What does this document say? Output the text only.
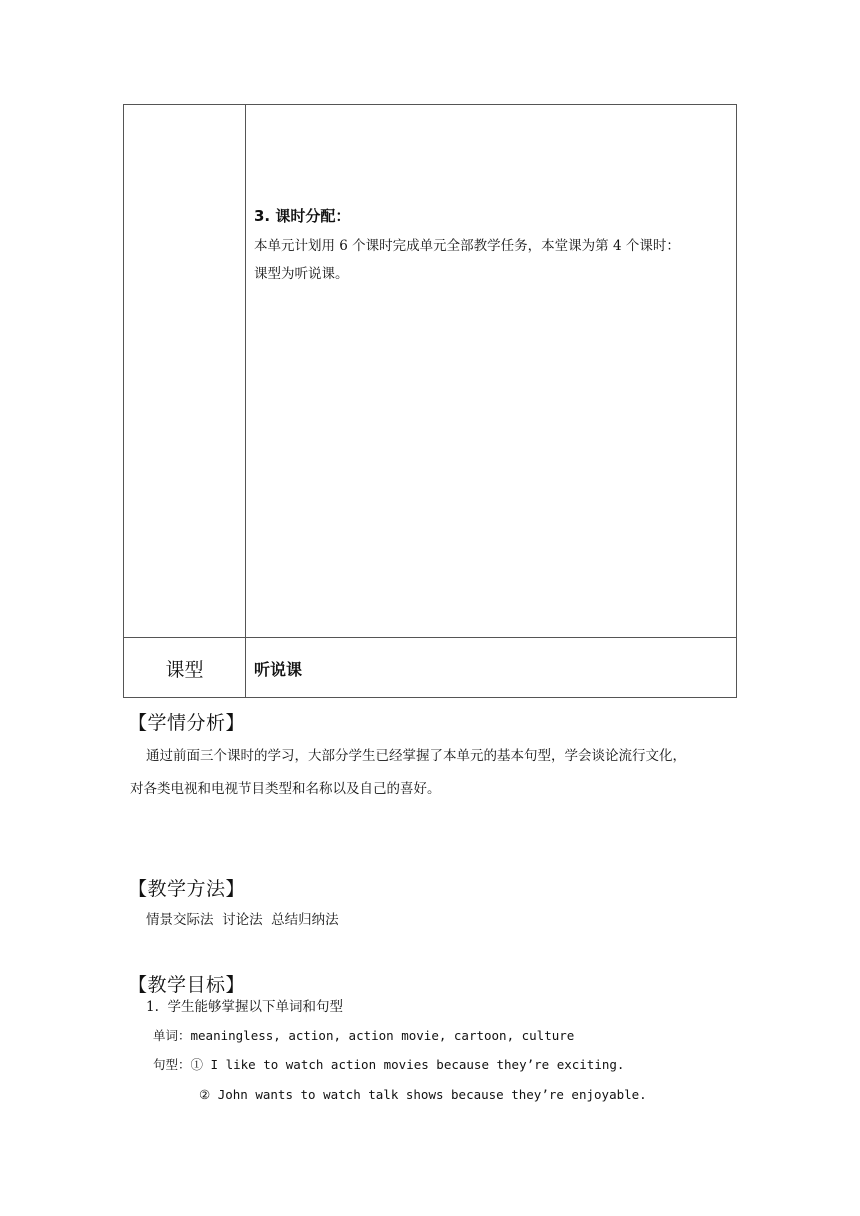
3. 课时分配：
本单元计划用 6 个课时完成单元全部教学任务，本堂课为第 4 个课时：
课型为听说课。
课型	听说课
【学情分析】
通过前面三个课时的学习，大部分学生已经掌握了本单元的基本句型，学会谈论流行文化，
对各类电视和电视节目类型和名称以及自己的喜好。
【教学方法】
情景交际法  讨论法  总结归纳法
【教学目标】
1.  学生能够掌握以下单词和句型
单词：meaningless, action, action movie, cartoon, culture
句型：① I like to watch action movies because they’re exciting.
② John wants to watch talk shows because they’re enjoyable.
